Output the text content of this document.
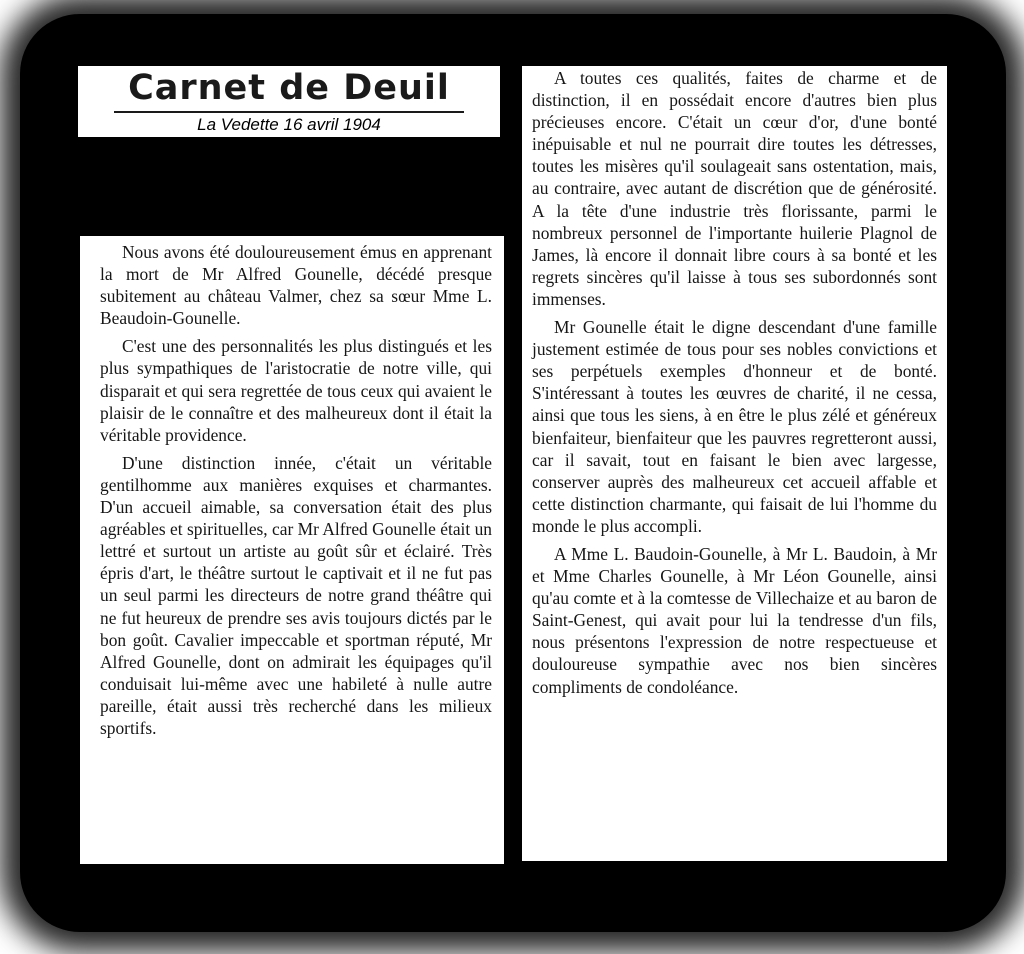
Carnet de Deuil
La Vedette 16 avril 1904

Nous avons été douloureusement émus en apprenant la mort de Mr Alfred Gounelle, décédé presque subitement au château Valmer, chez sa sœur Mme L. Beaudoin-Gounelle.

C'est une des personnalités les plus distingués et les plus sympathiques de l'aristocratie de notre ville, qui disparait et qui sera regrettée de tous ceux qui avaient le plaisir de le connaître et des malheureux dont il était la véritable providence.

D'une distinction innée, c'était un véritable gentilhomme aux manières exquises et charmantes. D'un accueil aimable, sa conversation était des plus agréables et spirituelles, car Mr Alfred Gounelle était un lettré et surtout un artiste au goût sûr et éclairé. Très épris d'art, le théâtre surtout le captivait et il ne fut pas un seul parmi les directeurs de notre grand théâtre qui ne fut heureux de prendre ses avis toujours dictés par le bon goût. Cavalier impeccable et sportman réputé, Mr Alfred Gounelle, dont on admirait les équipages qu'il conduisait lui-même avec une habileté à nulle autre pareille, était aussi très recherché dans les milieux sportifs.

A toutes ces qualités, faites de charme et de distinction, il en possédait encore d'autres bien plus précieuses encore. C'était un cœur d'or, d'une bonté inépuisable et nul ne pourrait dire toutes les détresses, toutes les misères qu'il soulageait sans ostentation, mais, au contraire, avec autant de discrétion que de générosité. A la tête d'une industrie très florissante, parmi le nombreux personnel de l'importante huilerie Plagnol de James, là encore il donnait libre cours à sa bonté et les regrets sincères qu'il laisse à tous ses subordonnés sont immenses.

Mr Gounelle était le digne descendant d'une famille justement estimée de tous pour ses nobles convictions et ses perpétuels exemples d'honneur et de bonté. S'intéressant à toutes les œuvres de charité, il ne cessa, ainsi que tous les siens, à en être le plus zélé et généreux bienfaiteur, bienfaiteur que les pauvres regretteront aussi, car il savait, tout en faisant le bien avec largesse, conserver auprès des malheureux cet accueil affable et cette distinction charmante, qui faisait de lui l'homme du monde le plus accompli.

A Mme L. Baudoin-Gounelle, à Mr L. Baudoin, à Mr et Mme Charles Gounelle, à Mr Léon Gounelle, ainsi qu'au comte et à la comtesse de Villechaize et au baron de Saint-Genest, qui avait pour lui la tendresse d'un fils, nous présentons l'expression de notre respectueuse et douloureuse sympathie avec nos bien sincères compliments de condoléance.
